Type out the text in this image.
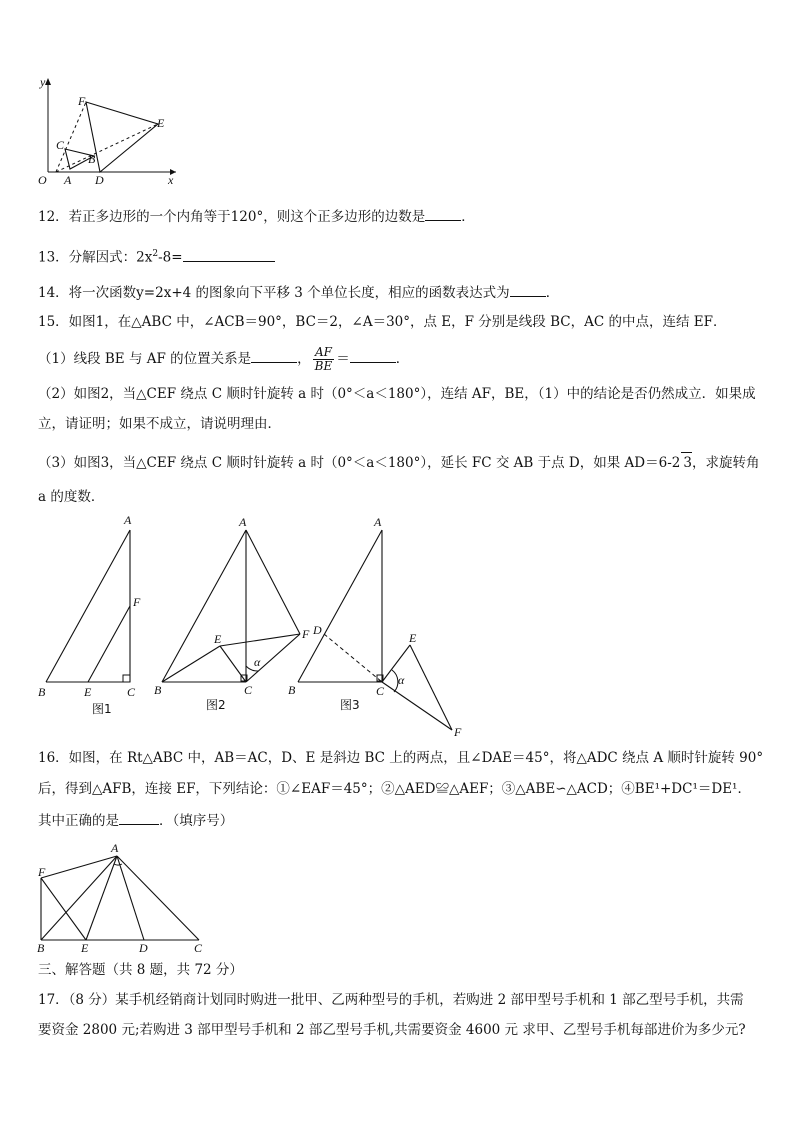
y
x
O A D
B
C
F
E
12．若正多边形的一个内角等于120°，则这个正多边形的边数是	．
13．分解因式：$2x^2-8=$
14．将一次函数y=2x+4 的图象向下平移 3 个单位长度，相应的函数表达式为	．
15．如图1，在△ABC 中，∠ACB＝90°，BC＝2，∠A＝30°，点 E，F 分别是线段 BC，AC 的中点，连结 EF．
（1）线段 BE 与 AF 的位置关系是	， $\frac{AF}{BE}$ ＝	．
（2）如图2，当△CEF 绕点 C 顺时针旋转 a 时（0°＜a＜180°），连结 AF，BE，（1）中的结论是否仍然成立．如果成
立，请证明；如果不成立，请说明理由．
（3）如图3，当△CEF 绕点 C 顺时针旋转 a 时（0°＜a＜180°），延长 FC 交 AB 于点 D，如果 AD＝6-2 3，求旋转角
a 的度数．
A
F
B	E	C
图1
A
F
E
α
B	C
图2
A
D
E
α
B	C
F
图3
16．如图，在 Rt△ABC 中，AB＝AC，D、E 是斜边 BC 上的两点，且∠DAE＝45°，将△ADC 绕点 A 顺时针旋转 90°
后，得到△AFB，连接 EF，下列结论：①∠EAF＝45°；②△AED≌△AEF；③△ABE∽△ACD；④BE¹+DC¹＝DE¹．
其中正确的是	．（填序号）
A
F
B	E	D	C
三、解答题（共 8 题，共 72 分）
17．（8 分）某手机经销商计划同时购进一批甲、乙两种型号的手机，若购进 2 部甲型号手机和 1 部乙型号手机，共需
要资金 2800 元;若购进 3 部甲型号手机和 2 部乙型号手机,共需要资金 4600 元 求甲、乙型号手机每部进价为多少元?
